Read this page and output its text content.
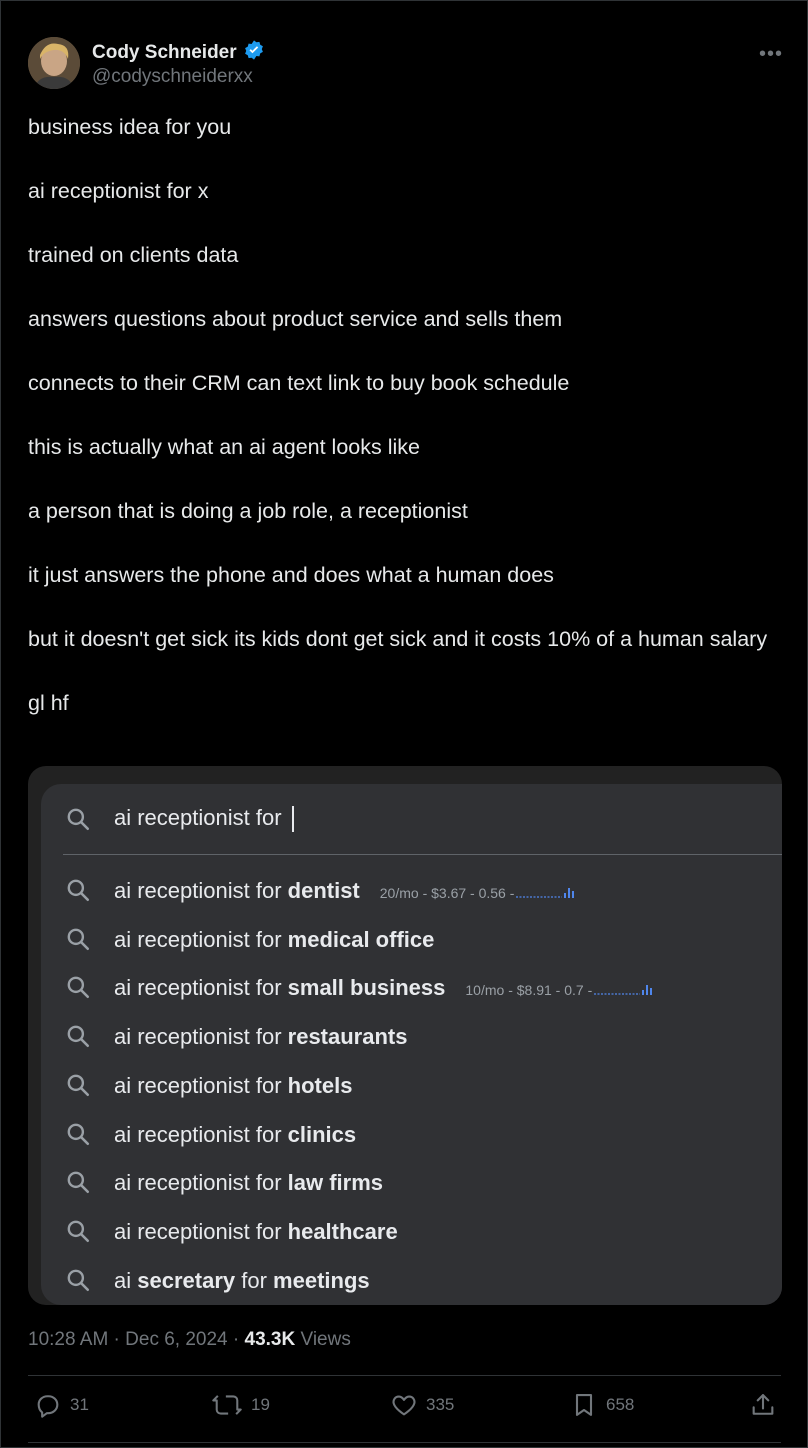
Cody Schneider
@codyschneiderxx
•••

business idea for you

ai receptionist for x

trained on clients data

answers questions about product service and sells them

connects to their CRM can text link to buy book schedule

this is actually what an ai agent looks like

a person that is doing a job role, a receptionist

it just answers the phone and does what a human does

but it doesn't get sick its kids dont get sick and it costs 10% of a human salary

gl hf

ai receptionist for
ai receptionist for dentist 20/mo - $3.67 - 0.56 -
ai receptionist for medical office
ai receptionist for small business 10/mo - $8.91 - 0.7 -
ai receptionist for restaurants
ai receptionist for hotels
ai receptionist for clinics
ai receptionist for law firms
ai receptionist for healthcare
ai secretary for meetings
10:28 AM · Dec 6, 2024 · 43.3K Views
31	19	335	658
